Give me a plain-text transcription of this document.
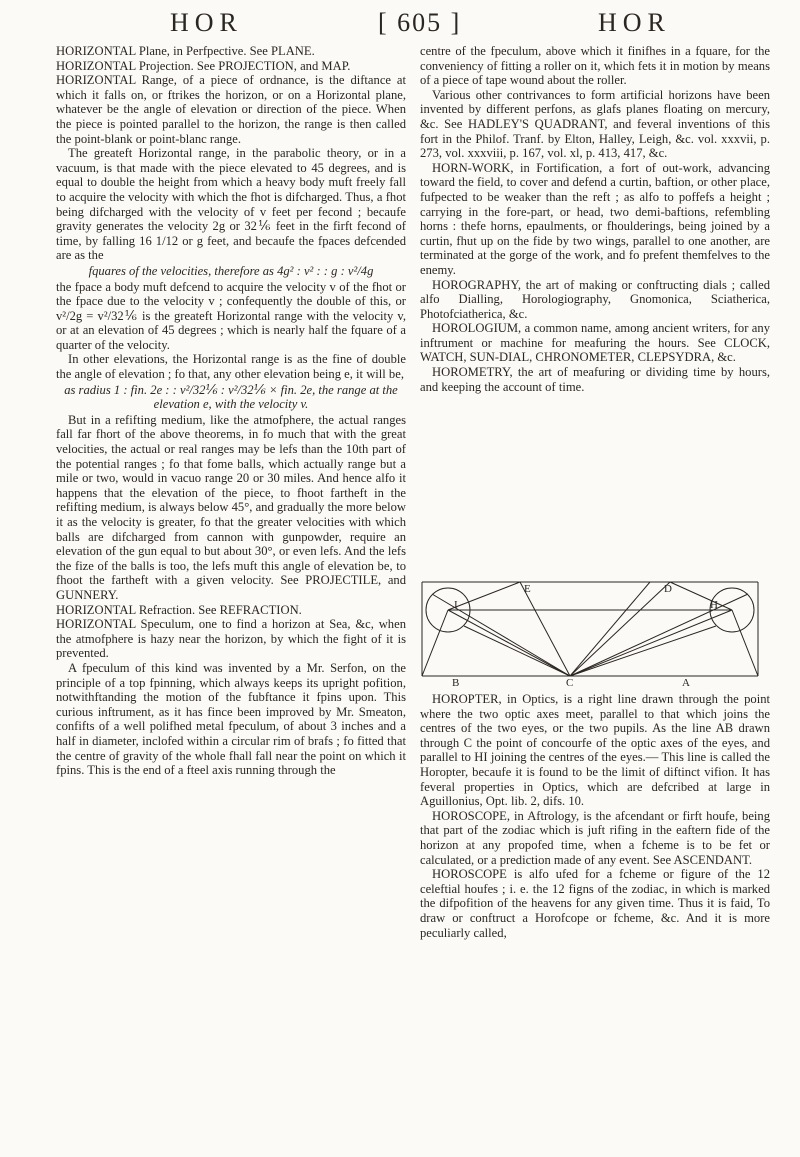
HOR	[ 605 ]	HOR

HORIZONTAL Plane, in Perfpective. See PLANE.

HORIZONTAL Projection. See PROJECTION, and MAP.

HORIZONTAL Range, of a piece of ordnance, is the diftance at which it falls on, or ftrikes the horizon, or on a Horizontal plane, whatever be the angle of elevation or direction of the piece. When the piece is pointed parallel to the horizon, the range is then called the point-blank or point-blanc range.

The greateft Horizontal range, in the parabolic theory, or in a vacuum, is that made with the piece elevated to 45 degrees, and is equal to double the height from which a heavy body muft freely fall to acquire the velocity with which the fhot is difcharged. Thus, a fhot being difcharged with the velocity of v feet per fecond ; becaufe gravity generates the velocity 2g or 32⅙ feet in the firft fecond of time, by falling 16 1/12 or g feet, and becaufe the fpaces defcended are as the

fquares of the velocities, therefore as 4g² : v² : : g : v²/4g

the fpace a body muft defcend to acquire the velocity v of the fhot or the fpace due to the velocity v ; confequently the double of this, or v²/2g = v²/32⅙ is the greateft Horizontal range with the velocity v, or at an elevation of 45 degrees ; which is nearly half the fquare of a quarter of the velocity.

In other elevations, the Horizontal range is as the fine of double the angle of elevation ; fo that, any other elevation being e, it will be,

as radius 1 : fin. 2e : : v²/32⅙ : v²/32⅙ × fin. 2e, the range at the elevation e, with the velocity v.

But in a refifting medium, like the atmofphere, the actual ranges fall far fhort of the above theorems, in fo much that with the great velocities, the actual or real ranges may be lefs than the 10th part of the potential ranges ; fo that fome balls, which actually range but a mile or two, would in vacuo range 20 or 30 miles. And hence alfo it happens that the elevation of the piece, to fhoot fartheft in the refifting medium, is always below 45°, and gradually the more below it as the velocity is greater, fo that the greater velocities with which balls are difcharged from cannon with gunpowder, require an elevation of the gun equal to but about 30°, or even lefs. And the lefs the fize of the balls is too, the lefs muft this angle of elevation be, to fhoot the fartheft with a given velocity. See PROJECTILE, and GUNNERY.

HORIZONTAL Refraction. See REFRACTION.

HORIZONTAL Speculum, one to find a horizon at Sea, &c, when the atmofphere is hazy near the horizon, by which the fight of it is prevented.

A fpeculum of this kind was invented by a Mr. Serfon, on the principle of a top fpinning, which always keeps its upright pofition, notwithftanding the motion of the fubftance it fpins upon. This curious inftrument, as it has fince been improved by Mr. Smeaton, confifts of a well polifhed metal fpeculum, of about 3 inches and a half in diameter, inclofed within a circular rim of brafs ; fo fitted that the centre of gravity of the whole fhall fall near the point on which it fpins. This is the end of a fteel axis running through the

centre of the fpeculum, above which it finifhes in a fquare, for the conveniency of fitting a roller on it, which fets it in motion by means of a piece of tape wound about the roller.

Various other contrivances to form artificial horizons have been invented by different perfons, as glafs planes floating on mercury, &c. See HADLEY'S QUADRANT, and feveral inventions of this fort in the Philof. Tranf. by Elton, Halley, Leigh, &c. vol. xxxvii, p. 273, vol. xxxviii, p. 167, vol. xl, p. 413, 417, &c.

HORN-WORK, in Fortification, a fort of out-work, advancing toward the field, to cover and defend a curtin, baftion, or other place, fufpected to be weaker than the reft ; as alfo to poffefs a height ; carrying in the fore-part, or head, two demi-baftions, refembling horns : thefe horns, epaulments, or fhoulderings, being joined by a curtin, fhut up on the fide by two wings, parallel to one another, are terminated at the gorge of the work, and fo prefent themfelves to the enemy.

HOROGRAPHY, the art of making or conftructing dials ; called alfo Dialling, Horologiography, Gnomonica, Sciatherica, Photofciatherica, &c.

HOROLOGIUM, a common name, among ancient writers, for any inftrument or machine for meafuring the hours. See CLOCK, WATCH, SUN-DIAL, CHRONOMETER, CLEPSYDRA, &c.

HOROMETRY, the art of meafuring or dividing time by hours, and keeping the account of time.

E	D
I	H
B	C	A

HOROPTER, in Optics, is a right line drawn through the point where the two optic axes meet, parallel to that which joins the centres of the two eyes, or the two pupils. As the line AB drawn through C the point of concourfe of the optic axes of the eyes, and parallel to HI joining the centres of the eyes.— This line is called the Horopter, becaufe it is found to be the limit of diftinct vifion. It has feveral properties in Optics, which are defcribed at large in Aguillonius, Opt. lib. 2, difs. 10.

HOROSCOPE, in Aftrology, is the afcendant or firft houfe, being that part of the zodiac which is juft rifing in the eaftern fide of the horizon at any propofed time, when a fcheme is to be fet or calculated, or a prediction made of any event. See ASCENDANT.

HOROSCOPE is alfo ufed for a fcheme or figure of the 12 celeftial houfes ; i. e. the 12 figns of the zodiac, in which is marked the difpofition of the heavens for any given time. Thus it is faid, To draw or conftruct a Horofcope or fcheme, &c. And it is more peculiarly called,
